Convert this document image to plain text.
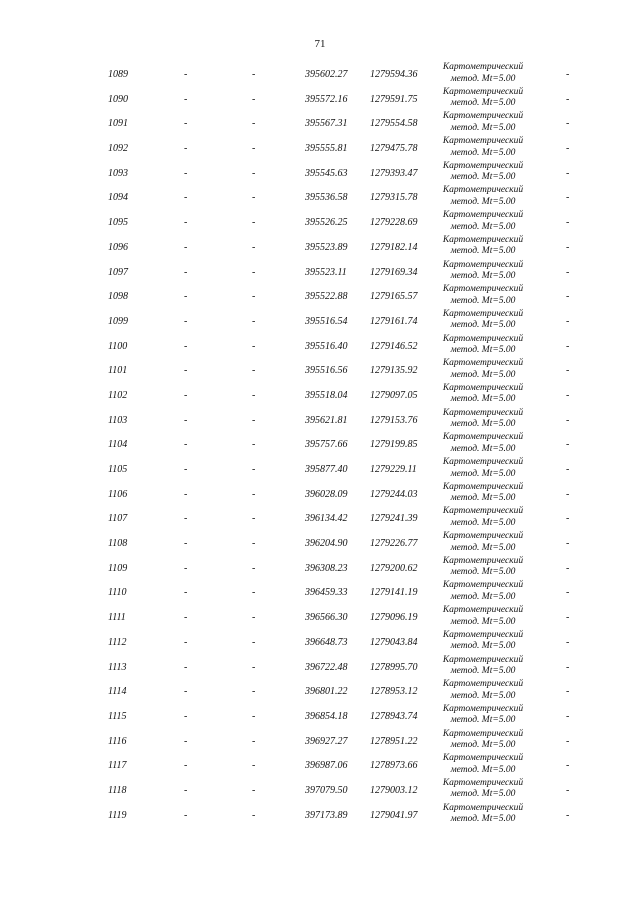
71
1089	-	-	395602.27 1279594.36
Картометрический
метод. Mt=5.00	-
1090	-	-	395572.16 1279591.75
Картометрический
метод. Mt=5.00	-
1091	-	-	395567.31 1279554.58
Картометрический
метод. Mt=5.00	-
1092	-	-	395555.81 1279475.78
Картометрический
метод. Mt=5.00	-
1093	-	-	395545.63 1279393.47
Картометрический
метод. Mt=5.00	-
1094	-	-	395536.58 1279315.78
Картометрический
метод. Mt=5.00	-
1095	-	-	395526.25 1279228.69
Картометрический
метод. Mt=5.00	-
1096	-	-	395523.89 1279182.14
Картометрический
метод. Mt=5.00	-
1097	-	-	395523.11 1279169.34
Картометрический
метод. Mt=5.00	-
1098	-	-	395522.88 1279165.57
Картометрический
метод. Mt=5.00	-
1099	-	-	395516.54 1279161.74
Картометрический
метод. Mt=5.00	-
1100	-	-	395516.40 1279146.52
Картометрический
метод. Mt=5.00	-
1101	-	-	395516.56 1279135.92
Картометрический
метод. Mt=5.00	-
1102	-	-	395518.04 1279097.05
Картометрический
метод. Mt=5.00	-
1103	-	-	395621.81 1279153.76
Картометрический
метод. Mt=5.00	-
1104	-	-	395757.66 1279199.85
Картометрический
метод. Mt=5.00	-
1105	-	-	395877.40 1279229.11
Картометрический
метод. Mt=5.00	-
1106	-	-	396028.09 1279244.03
Картометрический
метод. Mt=5.00	-
1107	-	-	396134.42 1279241.39
Картометрический
метод. Mt=5.00	-
1108	-	-	396204.90 1279226.77
Картометрический
метод. Mt=5.00	-
1109	-	-	396308.23 1279200.62
Картометрический
метод. Mt=5.00	-
1110	-	-	396459.33 1279141.19
Картометрический
метод. Mt=5.00	-
1111	-	-	396566.30 1279096.19
Картометрический
метод. Mt=5.00	-
1112	-	-	396648.73 1279043.84
Картометрический
метод. Mt=5.00	-
1113	-	-	396722.48 1278995.70
Картометрический
метод. Mt=5.00	-
1114	-	-	396801.22 1278953.12
Картометрический
метод. Mt=5.00	-
1115	-	-	396854.18 1278943.74
Картометрический
метод. Mt=5.00	-
1116	-	-	396927.27 1278951.22
Картометрический
метод. Mt=5.00	-
1117	-	-	396987.06 1278973.66
Картометрический
метод. Mt=5.00	-
1118	-	-	397079.50 1279003.12
Картометрический
метод. Mt=5.00	-
1119	-	-	397173.89 1279041.97
Картометрический
метод. Mt=5.00	-
